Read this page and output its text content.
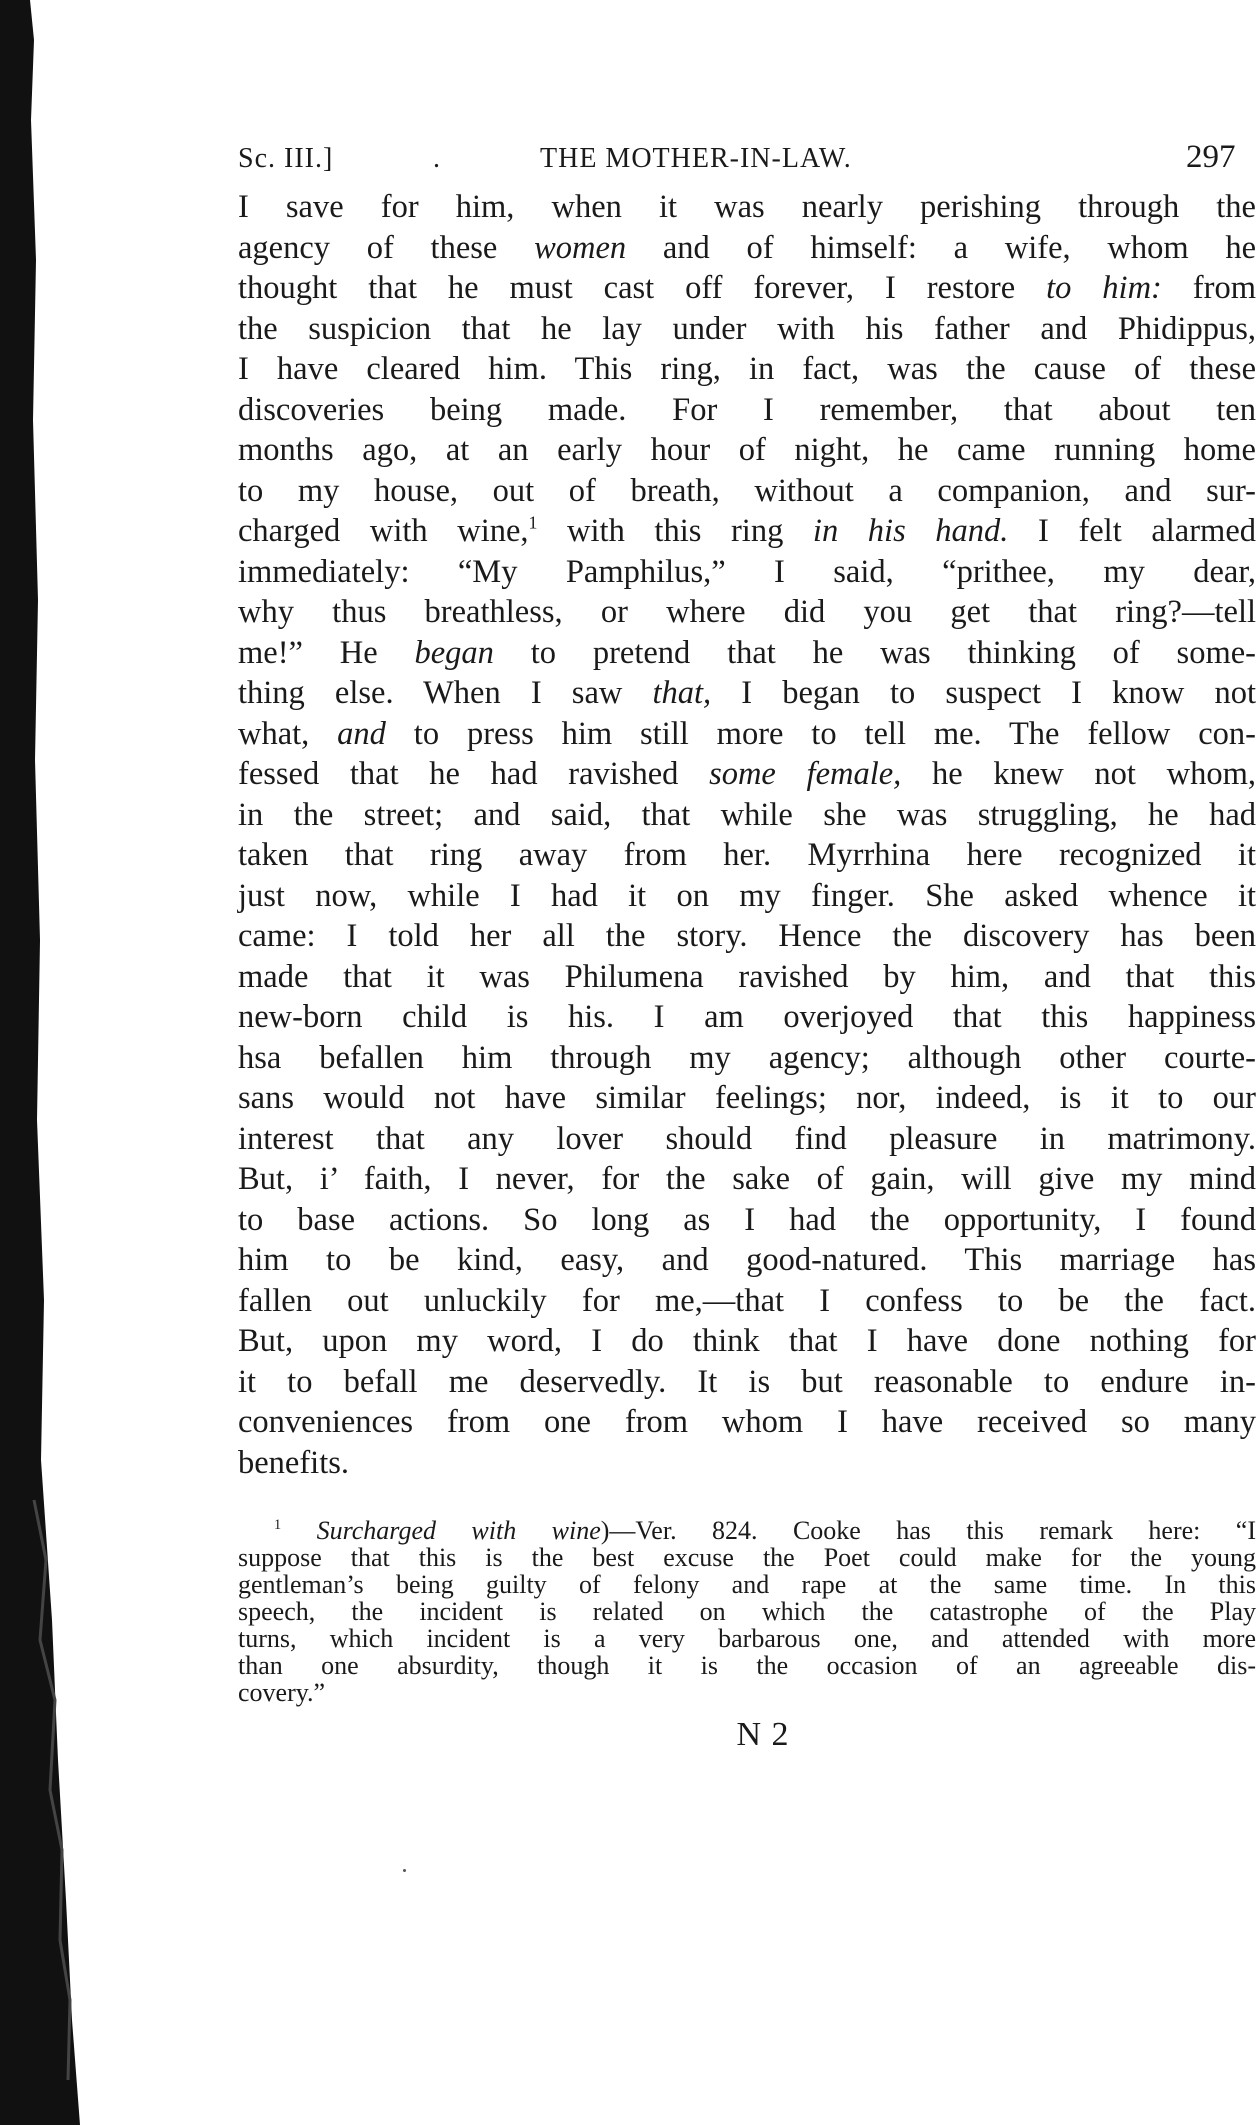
Sc. III.]	.	THE MOTHER-IN-LAW.	297
I save for him, when it was nearly perishing through the
agency of these women and of himself: a wife, whom he
thought that he must cast off forever, I restore to him: from
the suspicion that he lay under with his father and Phidippus,
I have cleared him. This ring, in fact, was the cause of these
discoveries being made. For I remember, that about ten
months ago, at an early hour of night, he came running home
to my house, out of breath, without a companion, and sur-
charged with wine,$^1$ with this ring in his hand. I felt alarmed
immediately: “My Pamphilus,” I said, “prithee, my dear,
why thus breathless, or where did you get that ring?—tell
me!” He began to pretend that he was thinking of some-
thing else. When I saw that, I began to suspect I know not
what, and to press him still more to tell me. The fellow con-
fessed that he had ravished some female, he knew not whom,
in the street; and said, that while she was struggling, he had
taken that ring away from her. Myrrhina here recognized it
just now, while I had it on my finger. She asked whence it
came: I told her all the story. Hence the discovery has been
made that it was Philumena ravished by him, and that this
new-born child is his. I am overjoyed that this happiness
hsa befallen him through my agency; although other courte-
sans would not have similar feelings; nor, indeed, is it to our
interest that any lover should find pleasure in matrimony.
But, i’ faith, I never, for the sake of gain, will give my mind
to base actions. So long as I had the opportunity, I found
him to be kind, easy, and good-natured. This marriage has
fallen out unluckily for me,—that I confess to be the fact.
But, upon my word, I do think that I have done nothing for
it to befall me deservedly. It is but reasonable to endure in-
conveniences from one from whom I have received so many
benefits.
$^1$ Surcharged with wine)—Ver. 824. Cooke has this remark here: “I
suppose that this is the best excuse the Poet could make for the young
gentleman’s being guilty of felony and rape at the same time. In this
speech, the incident is related on which the catastrophe of the Play
turns, which incident is a very barbarous one, and attended with more
than one absurdity, though it is the occasion of an agreeable dis-
covery.”
N 2
